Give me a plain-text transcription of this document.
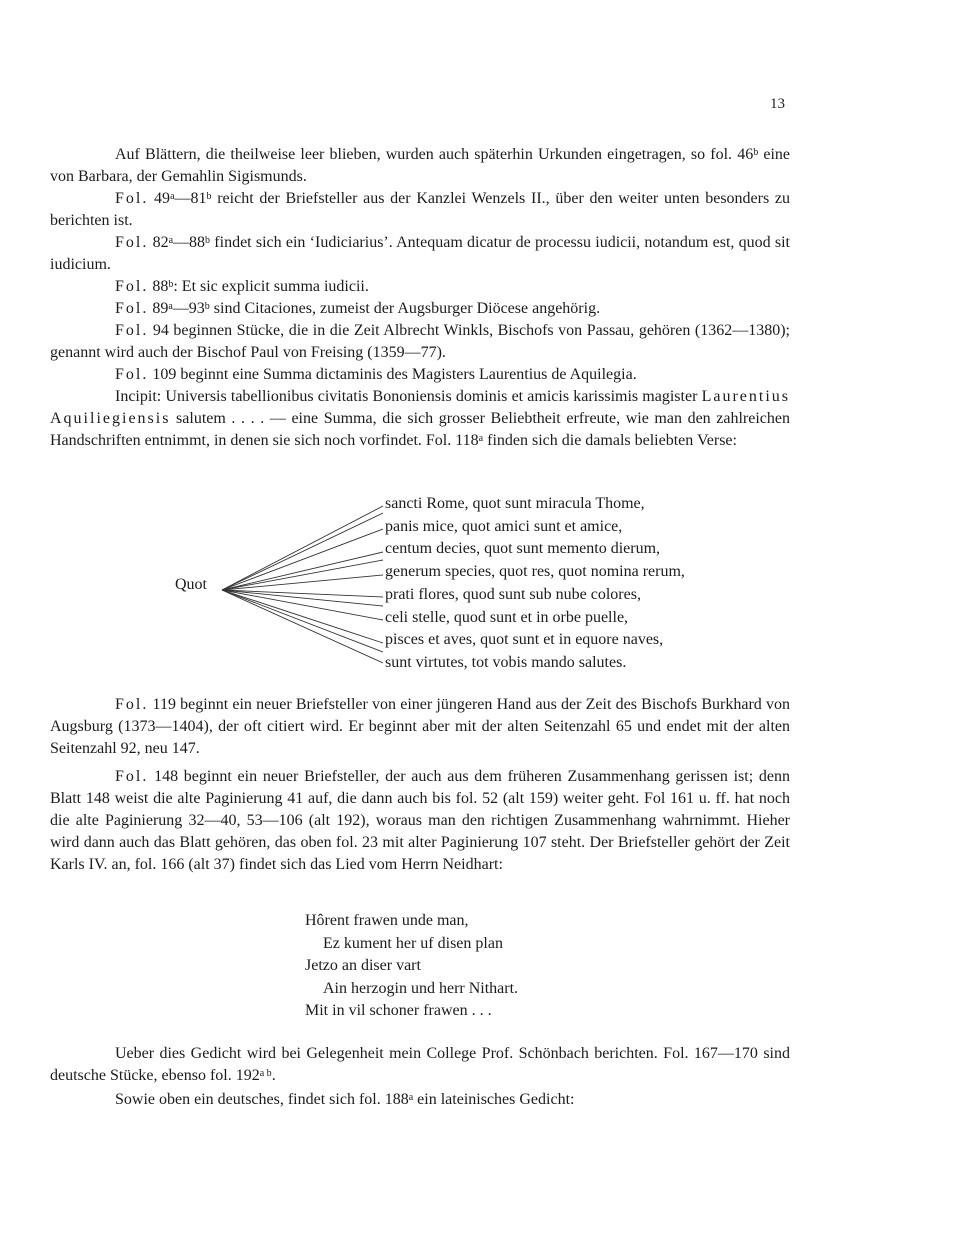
13

Auf Blättern, die theilweise leer blieben, wurden auch späterhin Urkunden eingetragen, so fol. 46$^b$ eine von Barbara, der Gemahlin Sigismunds.

Fol. 49$^a$—81$^b$ reicht der Briefsteller aus der Kanzlei Wenzels II., über den weiter unten besonders zu berichten ist.

Fol. 82$^a$—88$^b$ findet sich ein ‘Iudiciarius’. Antequam dicatur de processu iudicii, notandum est, quod sit iudicium.

Fol. 88$^b$: Et sic explicit summa iudicii.

Fol. 89$^a$—93$^b$ sind Citaciones, zumeist der Augsburger Diöcese angehörig.

Fol. 94 beginnen Stücke, die in die Zeit Albrecht Winkls, Bischofs von Passau, gehören (1362—1380); genannt wird auch der Bischof Paul von Freising (1359—77).

Fol. 109 beginnt eine Summa dictaminis des Magisters Laurentius de Aquilegia.

Incipit: Universis tabellionibus civitatis Bononiensis dominis et amicis karissimis magister Laurentius Aquiliegiensis salutem . . . . — eine Summa, die sich grosser Beliebtheit erfreute, wie man den zahlreichen Handschriften entnimmt, in denen sie sich noch vorfindet. Fol. 118$^a$ finden sich die damals beliebten Verse:

Quot
sancti Rome, quot sunt miracula Thome,
panis mice, quot amici sunt et amice,
centum decies, quot sunt memento dierum,
generum species, quot res, quot nomina rerum,
prati flores, quod sunt sub nube colores,
celi stelle, quod sunt et in orbe puelle,
pisces et aves, quot sunt et in equore naves,
sunt virtutes, tot vobis mando salutes.

Fol. 119 beginnt ein neuer Briefsteller von einer jüngeren Hand aus der Zeit des Bischofs Burkhard von Augsburg (1373—1404), der oft citiert wird. Er beginnt aber mit der alten Seitenzahl 65 und endet mit der alten Seitenzahl 92, neu 147.

Fol. 148 beginnt ein neuer Briefsteller, der auch aus dem früheren Zusammenhang gerissen ist; denn Blatt 148 weist die alte Paginierung 41 auf, die dann auch bis fol. 52 (alt 159) weiter geht. Fol 161 u. ff. hat noch die alte Paginierung 32—40, 53—106 (alt 192), woraus man den richtigen Zusammenhang wahrnimmt. Hieher wird dann auch das Blatt gehören, das oben fol. 23 mit alter Paginierung 107 steht. Der Briefsteller gehört der Zeit Karls IV. an, fol. 166 (alt 37) findet sich das Lied vom Herrn Neidhart:

Hôrent frawen unde man,
Ez kument her uf disen plan
Jetzo an diser vart
Ain herzogin und herr Nithart.
Mit in vil schoner frawen . . .

Ueber dies Gedicht wird bei Gelegenheit mein College Prof. Schönbach berichten. Fol. 167—170 sind deutsche Stücke, ebenso fol. $192^{a b}$.

Sowie oben ein deutsches, findet sich fol. 188$^a$ ein lateinisches Gedicht:
